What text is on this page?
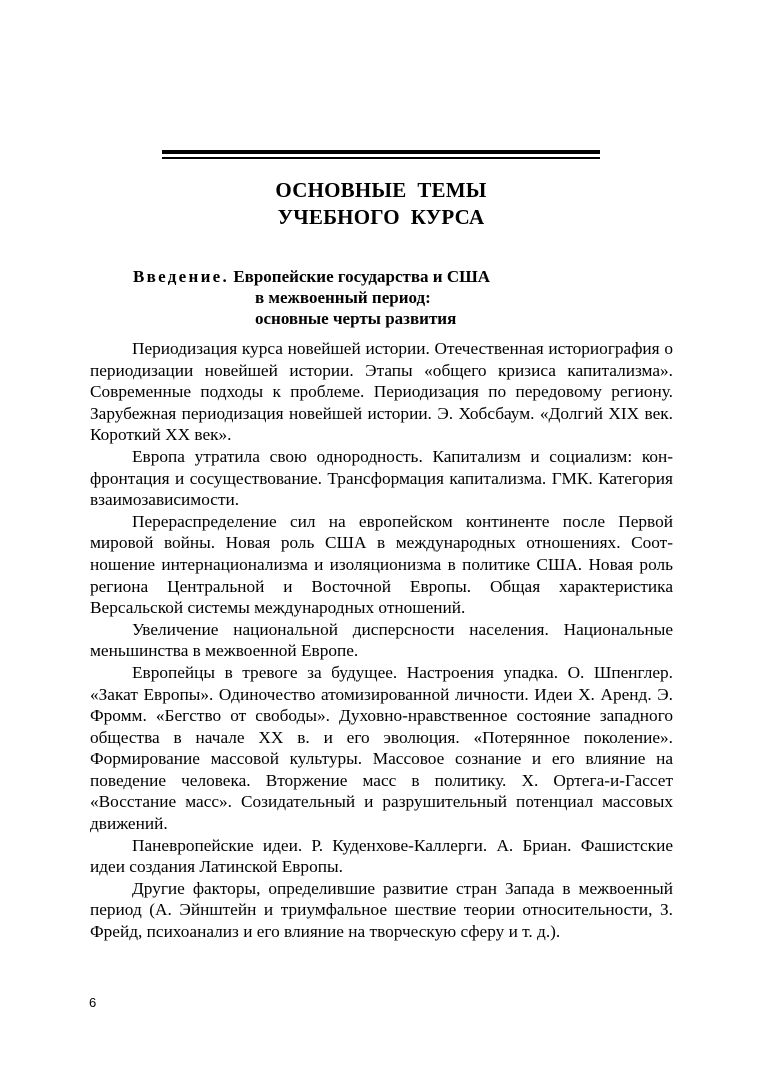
ОСНОВНЫЕ  ТЕМЫ
УЧЕБНОГО  КУРСА
Введение. Европейские государства и США
в межвоенный период:
основные черты развития

Периодизация курса новейшей истории. Отечественная историография о периодизации новейшей истории. Этапы «общего кризиса капитализма». Современные подходы к проблеме. Периодизация по передовому региону. Зарубежная периодизация новейшей истории. Э. Хобсбаум. «Долгий XIX век. Короткий XX век».

Европа утратила свою однородность. Капитализм и социализм: конфронтация и сосуществование. Трансформация капитализма. ГМК. Категория взаимозависимости.

Перераспределение сил на европейском континенте после Первой мировой войны. Новая роль США в международных отношениях. Соотношение интернационализма и изоляционизма в политике США. Новая роль региона Центральной и Восточной Европы. Общая характеристика Версальской системы международных отношений.

Увеличение национальной дисперсности населения. Национальные меньшинства в межвоенной Европе.

Европейцы в тревоге за будущее. Настроения упадка. О. Шпенглер. «Закат Европы». Одиночество атомизированной личности. Идеи Х. Аренд. Э. Фромм. «Бегство от свободы». Духовно-нравственное состояние западного общества в начале ХХ в. и его эволюция. «Потерянное поколение». Формирование массовой культуры. Массовое сознание и его влияние на поведение человека. Вторжение масс в политику. Х. Ортега-и-Гассет «Восстание масс». Созидательный и разрушительный потенциал массовых движений.

Паневропейские идеи. Р. Куденхове-Каллерги. А. Бриан. Фашистские идеи создания Латинской Европы.

Другие факторы, определившие развитие стран Запада в межвоенный период (А. Эйнштейн и триумфальное шествие теории относительности, З. Фрейд, психоанализ и его влияние на творческую сферу и т. д.).

6
